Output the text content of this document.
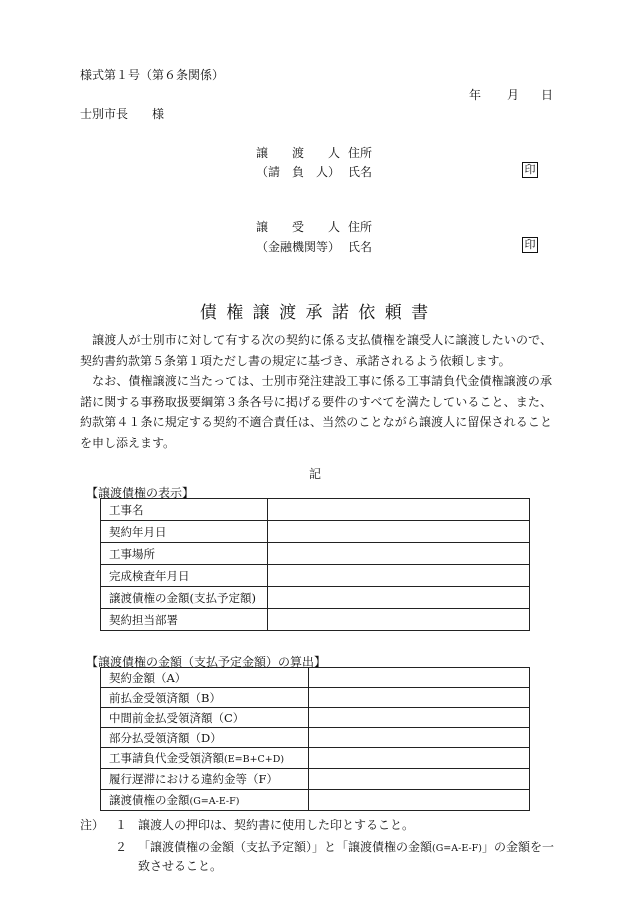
様式第１号（第６条関係）
年 月 日
士別市長　　様
譲　　渡　　人 住所
（請　負　人） 氏名	印
譲　　受　　人 住所
（金融機関等） 氏名	印
債 権 譲 渡 承 諾 依 頼 書
　譲渡人が士別市に対して有する次の契約に係る支払債権を譲受人に譲渡したいので、契約書約款第５条第１項ただし書の規定に基づき、承諾されるよう依頼します。
　なお、債権譲渡に当たっては、士別市発注建設工事に係る工事請負代金債権譲渡の承諾に関する事務取扱要綱第３条各号に掲げる要件のすべてを満たしていること、また、約款第４１条に規定する契約不適合責任は、当然のことながら譲渡人に留保されることを申し添えます。
記
【譲渡債権の表示】
工事名	
契約年月日	
工事場所	
完成検査年月日	
譲渡債権の金額(支払予定額)	
契約担当部署	
【譲渡債権の金額（支払予定金額）の算出】
契約金額（A）	
前払金受領済額（B）	
中間前金払受領済額（C）	
部分払受領済額（D）	
工事請負代金受領済額(E=B+C+D)	
履行遅滞における違約金等（F）	
譲渡債権の金額(G=A-E-F)	
注） １ 譲渡人の押印は、契約書に使用した印とすること。
２ 「譲渡債権の金額（支払予定額）」と「譲渡債権の金額(G=A-E-F)」の金額を一
致させること。
